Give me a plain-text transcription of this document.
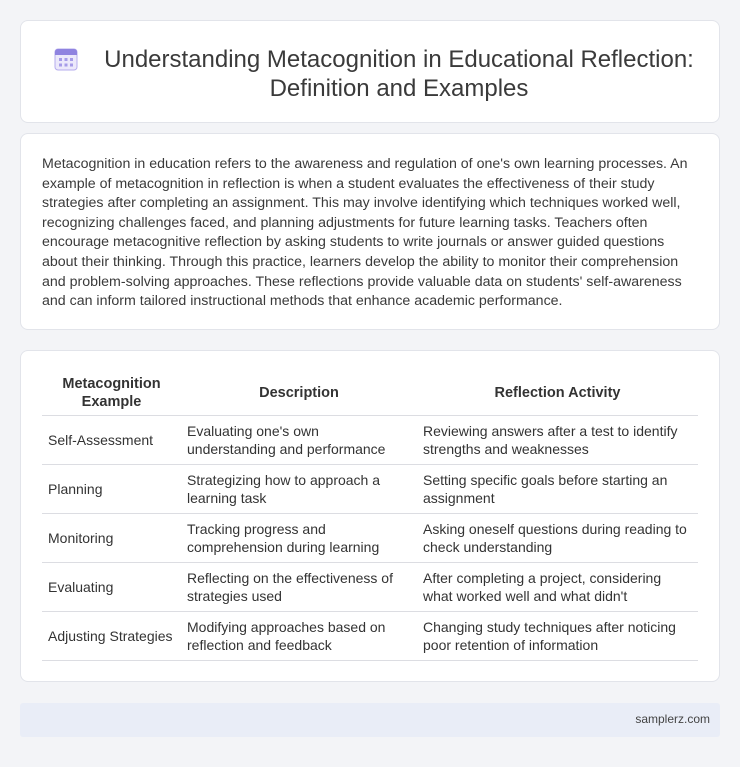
Understanding Metacognition in Educational Reflection: Definition and Examples

Metacognition in education refers to the awareness and regulation of one's own learning processes. An example of metacognition in reflection is when a student evaluates the effectiveness of their study strategies after completing an assignment. This may involve identifying which techniques worked well, recognizing challenges faced, and planning adjustments for future learning tasks. Teachers often encourage metacognitive reflection by asking students to write journals or answer guided questions about their thinking. Through this practice, learners develop the ability to monitor their comprehension and problem-solving approaches. These reflections provide valuable data on students' self-awareness and can inform tailored instructional methods that enhance academic performance.

Metacognition Example	Description	Reflection Activity
Self-Assessment	Evaluating one's own understanding and performance	Reviewing answers after a test to identify strengths and weaknesses
Planning	Strategizing how to approach a learning task	Setting specific goals before starting an assignment
Monitoring	Tracking progress and comprehension during learning	Asking oneself questions during reading to check understanding
Evaluating	Reflecting on the effectiveness of strategies used	After completing a project, considering what worked well and what didn't
Adjusting Strategies	Modifying approaches based on reflection and feedback	Changing study techniques after noticing poor retention of information
samplerz.com
